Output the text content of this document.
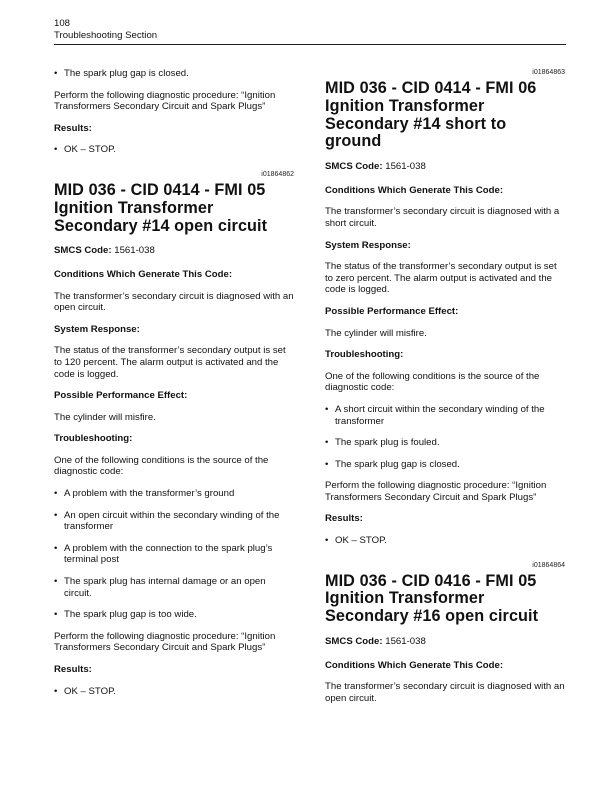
108
Troubleshooting Section
• The spark plug gap is closed.

Perform the following diagnostic procedure: “Ignition Transformers Secondary Circuit and Spark Plugs”

Results:

• OK – STOP.
i01864862
MID 036 - CID 0414 - FMI 05 Ignition Transformer Secondary #14 open circuit

SMCS Code: 1561-038

Conditions Which Generate This Code:

The transformer’s secondary circuit is diagnosed with an open circuit.

System Response:

The status of the transformer’s secondary output is set to 120 percent. The alarm output is activated and the code is logged.

Possible Performance Effect:

The cylinder will misfire.

Troubleshooting:

One of the following conditions is the source of the diagnostic code:

• A problem with the transformer’s ground
• An open circuit within the secondary winding of the transformer
• A problem with the connection to the spark plug’s terminal post
• The spark plug has internal damage or an open circuit.
• The spark plug gap is too wide.

Perform the following diagnostic procedure: “Ignition Transformers Secondary Circuit and Spark Plugs”

Results:

• OK – STOP.
i01864863
MID 036 - CID 0414 - FMI 06 Ignition Transformer Secondary #14 short to ground

SMCS Code: 1561-038

Conditions Which Generate This Code:

The transformer’s secondary circuit is diagnosed with a short circuit.

System Response:

The status of the transformer’s secondary output is set to zero percent. The alarm output is activated and the code is logged.

Possible Performance Effect:

The cylinder will misfire.

Troubleshooting:

One of the following conditions is the source of the diagnostic code:

• A short circuit within the secondary winding of the transformer
• The spark plug is fouled.
• The spark plug gap is closed.

Perform the following diagnostic procedure: “Ignition Transformers Secondary Circuit and Spark Plugs”

Results:

• OK – STOP.
i01864864
MID 036 - CID 0416 - FMI 05 Ignition Transformer Secondary #16 open circuit

SMCS Code: 1561-038

Conditions Which Generate This Code:

The transformer’s secondary circuit is diagnosed with an open circuit.
